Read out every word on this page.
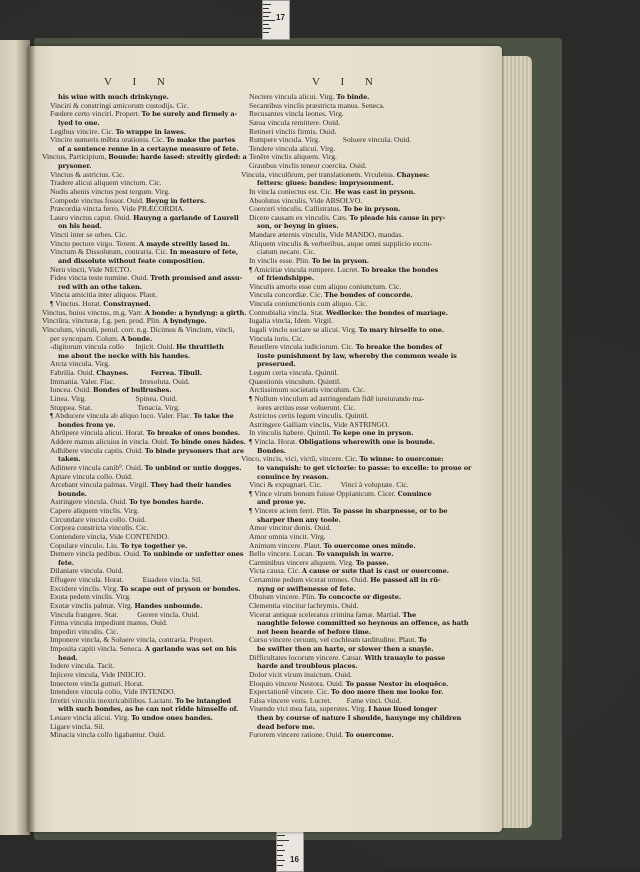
17
16
V I N	V I N
his wiue with much drinkynge.
Vinciri & constringi amicorum custodijs. Cic.
Fœdere certo vinciri. Propert. To be surely and firmely a-
lyed to one.
Legibus vincire. Cic. To wrappe in lawes.
Vincire numeris mēbra orationis. Cic. To make the partes
of a sentence renne in a certayne measure of fete.
Vinctus, Participium, Bounde: harde lased: streitly girded: a
prysoner.
Vinctus & astrictus. Cic.
Tradere alicui aliquem vinctum. Cic.
Nodis ahenis vinctus post tergum. Virg.
Compede vinctus fossor. Ouid. Beyng in fetters.
Præcordia vincta ferro. Vide PRÆCORDIA.
Lauro vinctus caput. Ouid. Hauyng a garlande of Laurell
on his head.
Vincti inter se orbes. Cic.
Vincto pectore virgo. Terent. A mayde streitly lased in.
Vinctum & Dissolutum, contraria. Cic. In measure of fete,
and dissolute without feate composition.
Neru vincti, Vide NECTO.
Fides vincta teste numine. Ouid. Troth promised and assu-
red with an othe taken.
Vincta amicitia inter aliquos. Plaut.
¶ Vinctus. Horat. Constrayned.
Vinctus, huius vinctus, m.g. Varr. A bonde: a byndyng: a girth.
Vinctūra, vincturæ, f.g. pen. prod. Plin. A byndynge.
Vinculum, vinculi, penul. corr. n.g. Dicimus & Vinclum, vincli,
per syncopam. Colum. A bonde.
-digitorum vincula collo      Injicit. Ouid. He thrattleth
me about the necke with his handes.
Arcta vincula. Virg.
Fabrilia. Ouid. Chaynes.          Ferrea. Tibull.
Immania. Valer. Flac.             Irresoluta. Ouid.
Iuncea. Ouid. Bondes of bullrushes.
Linea. Virg.                          Spinea. Ouid.
Stuppea. Stat.                        Tenacia. Virg.
¶ Abducere vincula ab aliquo loco. Valer. Flac. To take the
bondes from ye.
Abrūpere vincula alicui. Horat. To breake of ones bondes.
Addere manus alicuius in vincla. Ouid. To binde ones hādes.
Adhibere vincula captis. Ouid. To binde prysoners that are
taken.
Adimere vincula canib⁹. Ouid. To unbind or untie dogges.
Aptare vincula collo. Ouid.
Arcebant vincula palmas. Virgil. They had their handes
bounde.
Astringere vincula. Ouid. To tye bondes harde.
Capere aliquem vinclis. Virg.
Circundare vincula collo. Ouid.
Corpora constricta vinculis. Cic.
Contendere vincla, Vide CONTENDO.
Copulare vinculo. Liu. To tye together ye.
Demere vincla pedibus. Ouid. To unbinde or unfetter ones
fete.
Dilaniare vincula. Ouid.
Effugere vincula. Horat.          Euadere vincla. Sil.
Excidere vinclis. Virg. To scape out of pryson or bondes.
Exuta pedem vinclis. Virg.
Exutæ vinclis palmæ. Virg. Handes unbounde.
Vincula frangere. Stat.          Gerere vincla. Ouid.
Firma vincula impediunt manus. Ouid.
Impediri vinculis. Cic.
Imponere vincla, & Soluere vincla, contraria. Propert.
Imposita capiti vincla. Seneca. A garlande was set on his
head.
Iodere vincula. Tacit.
Injicere vincula, Vide INIICIO.
Innectere vincla gutturi. Horat.
Intendere vincula collo, Vide INTENDO.
Irretiri vinculis inextricabilibus. Lactant. To be intangled
with such bondes, as he can not ridde himselfe of.
Leuare vincla alicui. Virg. To undoe ones bandes.
Ligare vincla. Sil.
Minacia vincla collo ligabantur. Ouid.
Nectere vincula alicui. Virg. To binde.
Secantibus vinclis præstricta manus. Seneca.
Recusantes vincla leones. Virg.
Sæua vincula remittere. Ouid.
Retineri vinclis firmis. Ouid.
Rumpere vincula. Virg.            Soluere vincula. Ouid.
Tendere vincula alicui. Virg.
Tenēre vinclis aliquem. Virg.
Grauibus vinclis teneor coercita. Ouid.
Vincula, vinculōrum, per translationem. Vrculeius. Chaynes:
fetters: giues: bandes: imprysonment.
In vincla coniectus est. Cic. He was cast in pryson.
Absolutus vinculis, Vide ABSOLVO.
Coerceri vinculis. Callistratus. To be in pryson.
Dicere causam ex vinculis. Cæs. To pleade his cause in pry-
son, or beyng in giues.
Mandare æternis vinculis, Vide MANDO, mandas.
Aliquem vinculis & verberibus, atque omni supplicio excru-
ciatum necare. Cic.
In vinclis esse. Plin. To be in pryson.
¶ Amicitiæ vincula rumpere. Lucret. To breake the bondes
of friendshippe.
Vinculis amoris esse cum aliquo coniunctum. Cic.
Vincula concordiæ. Cic. The bondes of concorde.
Vincula coniunctionis cum aliquo. Cic.
Connubialia vincla. Stat. Wedlocke: the bondes of mariage.
Iugalia vincla, Idem. Virgil.
Iugali vinclo sociare se alicui. Virg. To mary hirselfe to one.
Vincula iuris. Cic.
Reuellere vincula iudiciorum. Cic. To breake the bondes of
iuste punishment by law, whereby the common weale is
preserued.
Legum certa vincula. Quintil.
Quæstionis vinculum. Quintil.
Arctissimum societatis vinculum. Cic.
¶ Nullum vinculum ad astringendam fidē iureiurando ma-
iores arctius esse voluerunt. Cic.
Astrictos certis legum vinculis. Quintil.
Astringere Galliam vinclis, Vide ASTRINGO.
In vinculis habere. Quintil. To kepe one in pryson.
¶ Vincla. Horat. Obligations wherewith one is bounde.
Bondes.
Vinco, vincis, vici, victū, vincere. Cic. To winne: to ouercome:
to vanquish: to get victorie: to passe: to excelle: to proue or
conuince by reason.
Vinci & expugnari. Cic.          Vinci à voluptate. Cic.
¶ Vince virum bonum fuisse Oppianicum. Cicer. Conuince
and proue ye.
¶ Vincere aciem ferri. Plin. To passe in sharpnesse, or to be
sharper then any toole.
Amor vincitur donis. Ouid.
Amor omnia vincit. Virg.
Animum vincere. Plaut. To ouercome ones minde.
Bello vincere. Lucan. To vanquish in warre.
Carminibus vincere aliquem. Virg. To passe.
Victa causa. Cic. A cause or sute that is cast or ouercome.
Certamine pedum vicerat omnes. Ouid. He passed all in rū-
nyng or swiftenesse of fete.
Obuium vincere. Plin. To concocte or digeste.
Clementia vincitur lachrymis. Ouid.
Vicerat antiquæ sceleratus crimina famæ. Martial. The
naughtie felowe committed so heynous an offence, as hath
not been hearde of before time.
Cursu vincere ceruum, vel cochleam tarditudine. Plaut. To
be swifter then an harte, or slower then a snayle.
Difficultates locorum vincere. Cæsar. With trauayle to passe
harde and troublous places.
Dolor vicit virum inuictum. Ouid.
Eloquio vincere Nestora. Ouid. To passe Nestor in eloquēce.
Expectationē vincere. Cic. To doo more then me looke for.
Falsa vincere veris. Lucret.        Fame vinci. Ouid.
Viuendo vici mea fata, superstes. Virg. I haue liued longer
then by course of nature I shoulde, hauynge my children
dead before me.
Furorem vincere ratione. Ouid. To ouercome.
